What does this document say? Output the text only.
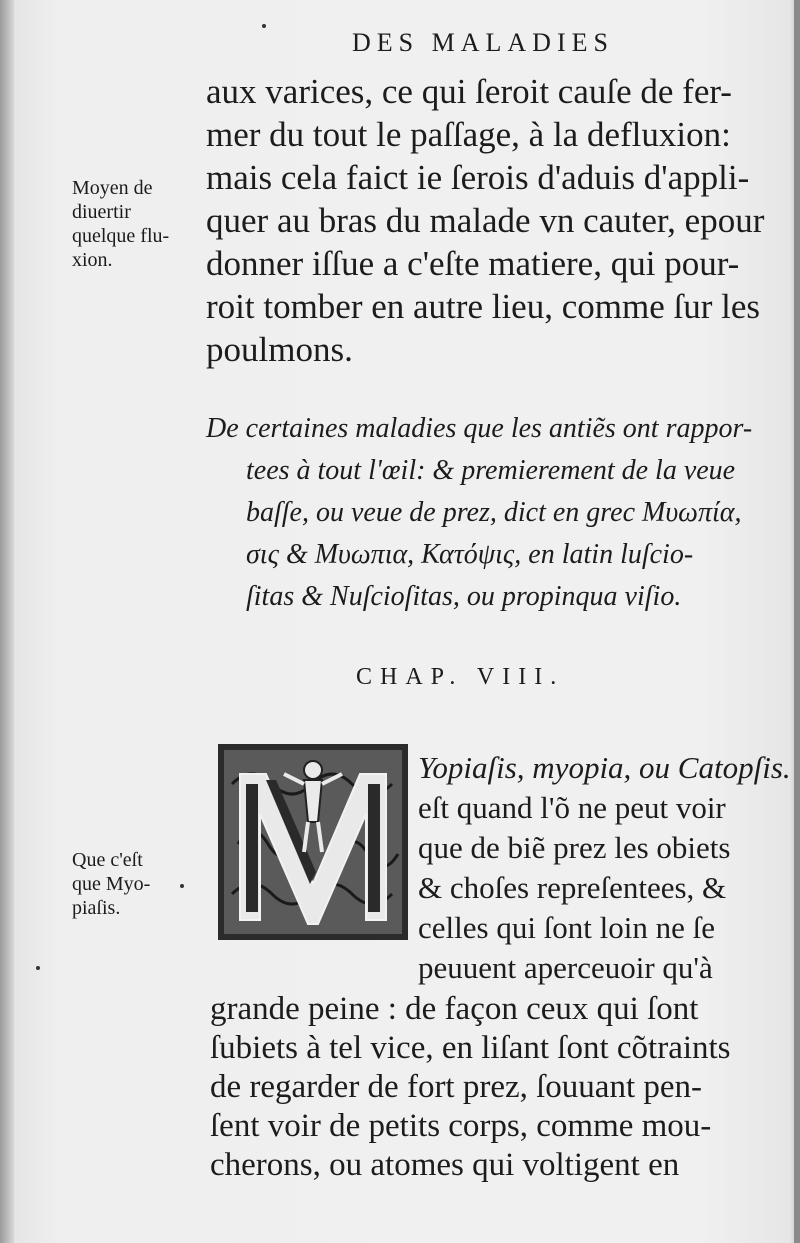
DES MALADIES
aux varices, ce qui ſeroit cauſe de fer-
mer du tout le paſſage, à la defluxion:
mais cela faict ie ſerois d'aduis d'appli-
quer au bras du malade vn cauter, epour
donner iſſue a c'eſte matiere, qui pour-
roit tomber en autre lieu, comme ſur les
poulmons.
Moyen de
diuertir
quelque flu-
xion.
De certaines maladies que les antiẽs ont rappor-
tees à tout l'œil: & premierement de la veue
baſſe, ou veue de prez, dict en grec Μυωπία,
σις & Μυωπια, Κατόψις, en latin luſcio-
ſitas & Nuſcioſitas, ou propinqua viſio.
CHAP. VIII.
Yopiaſis, myopia, ou Catopſis.
eſt quand l'õ ne peut voir
que de biẽ prez les obiets
& choſes repreſentees, &
celles qui ſont loin ne ſe
peuuent aperceuoir qu'à
Que c'eſt
que Myo-
piaſis.
grande peine : de façon ceux qui ſont
ſubiets à tel vice, en liſant ſont cõtraints
de regarder de fort prez, ſouuant pen-
ſent voir de petits corps, comme mou-
cherons, ou atomes qui voltigent en
